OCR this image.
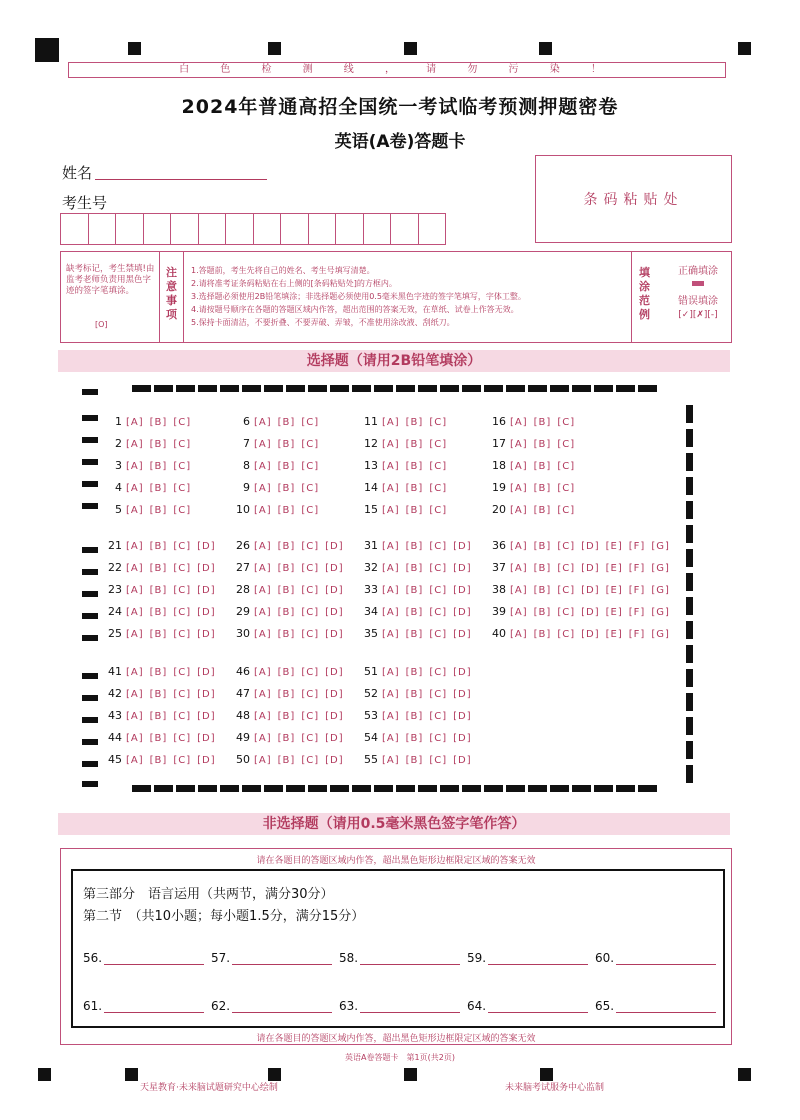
白 色 检 测 线 ， 请 勿 污 染 ！
2024年普通高招全国统一考试临考预测押题密卷
英语(A卷)答题卡
姓名
考生号	条码粘贴处
缺考标记，考生禁填!由监考老师负责用黑色字迹的签字笔填涂。
[O]
注意事项
1.答题前，考生先将自己的姓名、考生号填写清楚。
2.请将准考证条码粘贴在右上侧的[条码粘贴处]的方框内。
3.选择题必须使用2B铅笔填涂；非选择题必须使用0.5毫米黑色字迹的签字笔填写，字体工整。
4.请按题号顺序在各题的答题区域内作答，超出范围的答案无效，在草纸、试卷上作答无效。
5.保持卡面清洁，不要折叠、不要弄破、弄皱，不准使用涂改液、刮纸刀。
填涂范例
正确填涂
错误填涂
[✓][✗][-]
选择题（请用2B铅笔填涂）
1 [A] [B] [C]
2 [A] [B] [C]
3 [A] [B] [C]
4 [A] [B] [C]
5 [A] [B] [C]
6 [A] [B] [C]
7 [A] [B] [C]
8 [A] [B] [C]
9 [A] [B] [C]
10 [A] [B] [C]
11 [A] [B] [C]
12 [A] [B] [C]
13 [A] [B] [C]
14 [A] [B] [C]
15 [A] [B] [C]
16 [A] [B] [C]
17 [A] [B] [C]
18 [A] [B] [C]
19 [A] [B] [C]
20 [A] [B] [C]
21 [A] [B] [C] [D]
22 [A] [B] [C] [D]
23 [A] [B] [C] [D]
24 [A] [B] [C] [D]
25 [A] [B] [C] [D]
26 [A] [B] [C] [D]
27 [A] [B] [C] [D]
28 [A] [B] [C] [D]
29 [A] [B] [C] [D]
30 [A] [B] [C] [D]
31 [A] [B] [C] [D]
32 [A] [B] [C] [D]
33 [A] [B] [C] [D]
34 [A] [B] [C] [D]
35 [A] [B] [C] [D]
36 [A] [B] [C] [D] [E] [F] [G]
37 [A] [B] [C] [D] [E] [F] [G]
38 [A] [B] [C] [D] [E] [F] [G]
39 [A] [B] [C] [D] [E] [F] [G]
40 [A] [B] [C] [D] [E] [F] [G]
41 [A] [B] [C] [D]
42 [A] [B] [C] [D]
43 [A] [B] [C] [D]
44 [A] [B] [C] [D]
45 [A] [B] [C] [D]
46 [A] [B] [C] [D]
47 [A] [B] [C] [D]
48 [A] [B] [C] [D]
49 [A] [B] [C] [D]
50 [A] [B] [C] [D]
51 [A] [B] [C] [D]
52 [A] [B] [C] [D]
53 [A] [B] [C] [D]
54 [A] [B] [C] [D]
55 [A] [B] [C] [D]
非选择题（请用0.5毫米黑色签字笔作答）
请在各题目的答题区域内作答，超出黑色矩形边框限定区域的答案无效
第三部分　语言运用（共两节，满分30分）
第二节　（共10小题；每小题1.5分，满分15分）
56.	57.	58.	59.	60.
61.	62.	63.	64.	65.
请在各题目的答题区域内作答，超出黑色矩形边框限定区域的答案无效
英语A卷答题卡　第1页(共2页)
天星教育·未来脑试题研究中心绘制	未来脑考试服务中心监制
